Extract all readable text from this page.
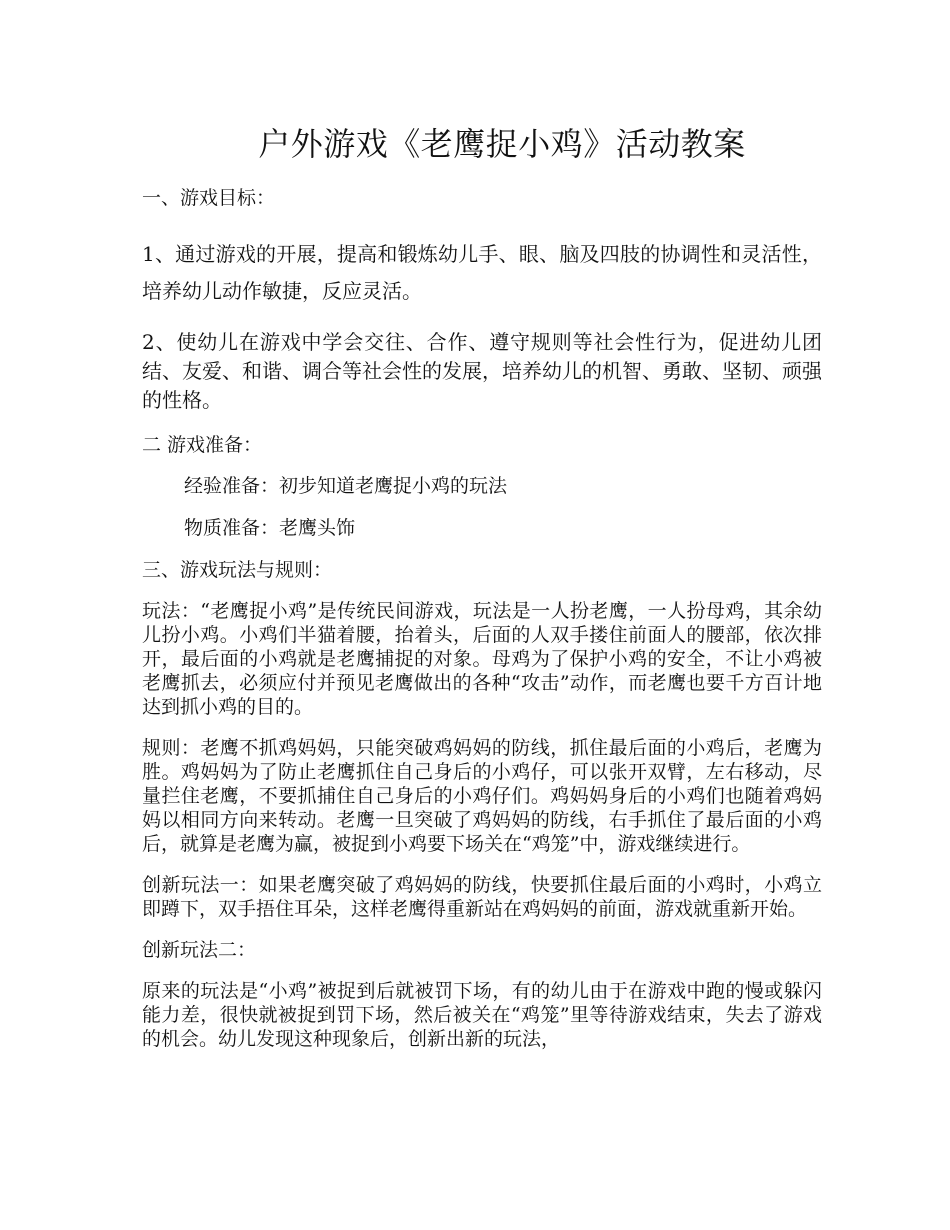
户外游戏《老鹰捉小鸡》活动教案

一、游戏目标：

1、通过游戏的开展，提高和锻炼幼儿手、眼、脑及四肢的协调性和灵活性，培养幼儿动作敏捷，反应灵活。

2、使幼儿在游戏中学会交往、合作、遵守规则等社会性行为，促进幼儿团结、友爱、和谐、调合等社会性的发展，培养幼儿的机智、勇敢、坚韧、顽强的性格。

二 游戏准备：

经验准备：初步知道老鹰捉小鸡的玩法

物质准备：老鹰头饰

三、游戏玩法与规则：

玩法：“老鹰捉小鸡”是传统民间游戏，玩法是一人扮老鹰，一人扮母鸡，其余幼儿扮小鸡。小鸡们半猫着腰，抬着头，后面的人双手搂住前面人的腰部，依次排开，最后面的小鸡就是老鹰捕捉的对象。母鸡为了保护小鸡的安全，不让小鸡被老鹰抓去，必须应付并预见老鹰做出的各种“攻击”动作，而老鹰也要千方百计地达到抓小鸡的目的。

规则：老鹰不抓鸡妈妈，只能突破鸡妈妈的防线，抓住最后面的小鸡后，老鹰为胜。鸡妈妈为了防止老鹰抓住自己身后的小鸡仔，可以张开双臂，左右移动，尽量拦住老鹰，不要抓捕住自己身后的小鸡仔们。鸡妈妈身后的小鸡们也随着鸡妈妈以相同方向来转动。老鹰一旦突破了鸡妈妈的防线，右手抓住了最后面的小鸡后，就算是老鹰为赢，被捉到小鸡要下场关在“鸡笼”中，游戏继续进行。

创新玩法一：如果老鹰突破了鸡妈妈的防线，快要抓住最后面的小鸡时，小鸡立即蹲下，双手捂住耳朵，这样老鹰得重新站在鸡妈妈的前面，游戏就重新开始。

创新玩法二：

原来的玩法是“小鸡”被捉到后就被罚下场，有的幼儿由于在游戏中跑的慢或躲闪能力差，很快就被捉到罚下场，然后被关在“鸡笼”里等待游戏结束，失去了游戏的机会。幼儿发现这种现象后，创新出新的玩法，
